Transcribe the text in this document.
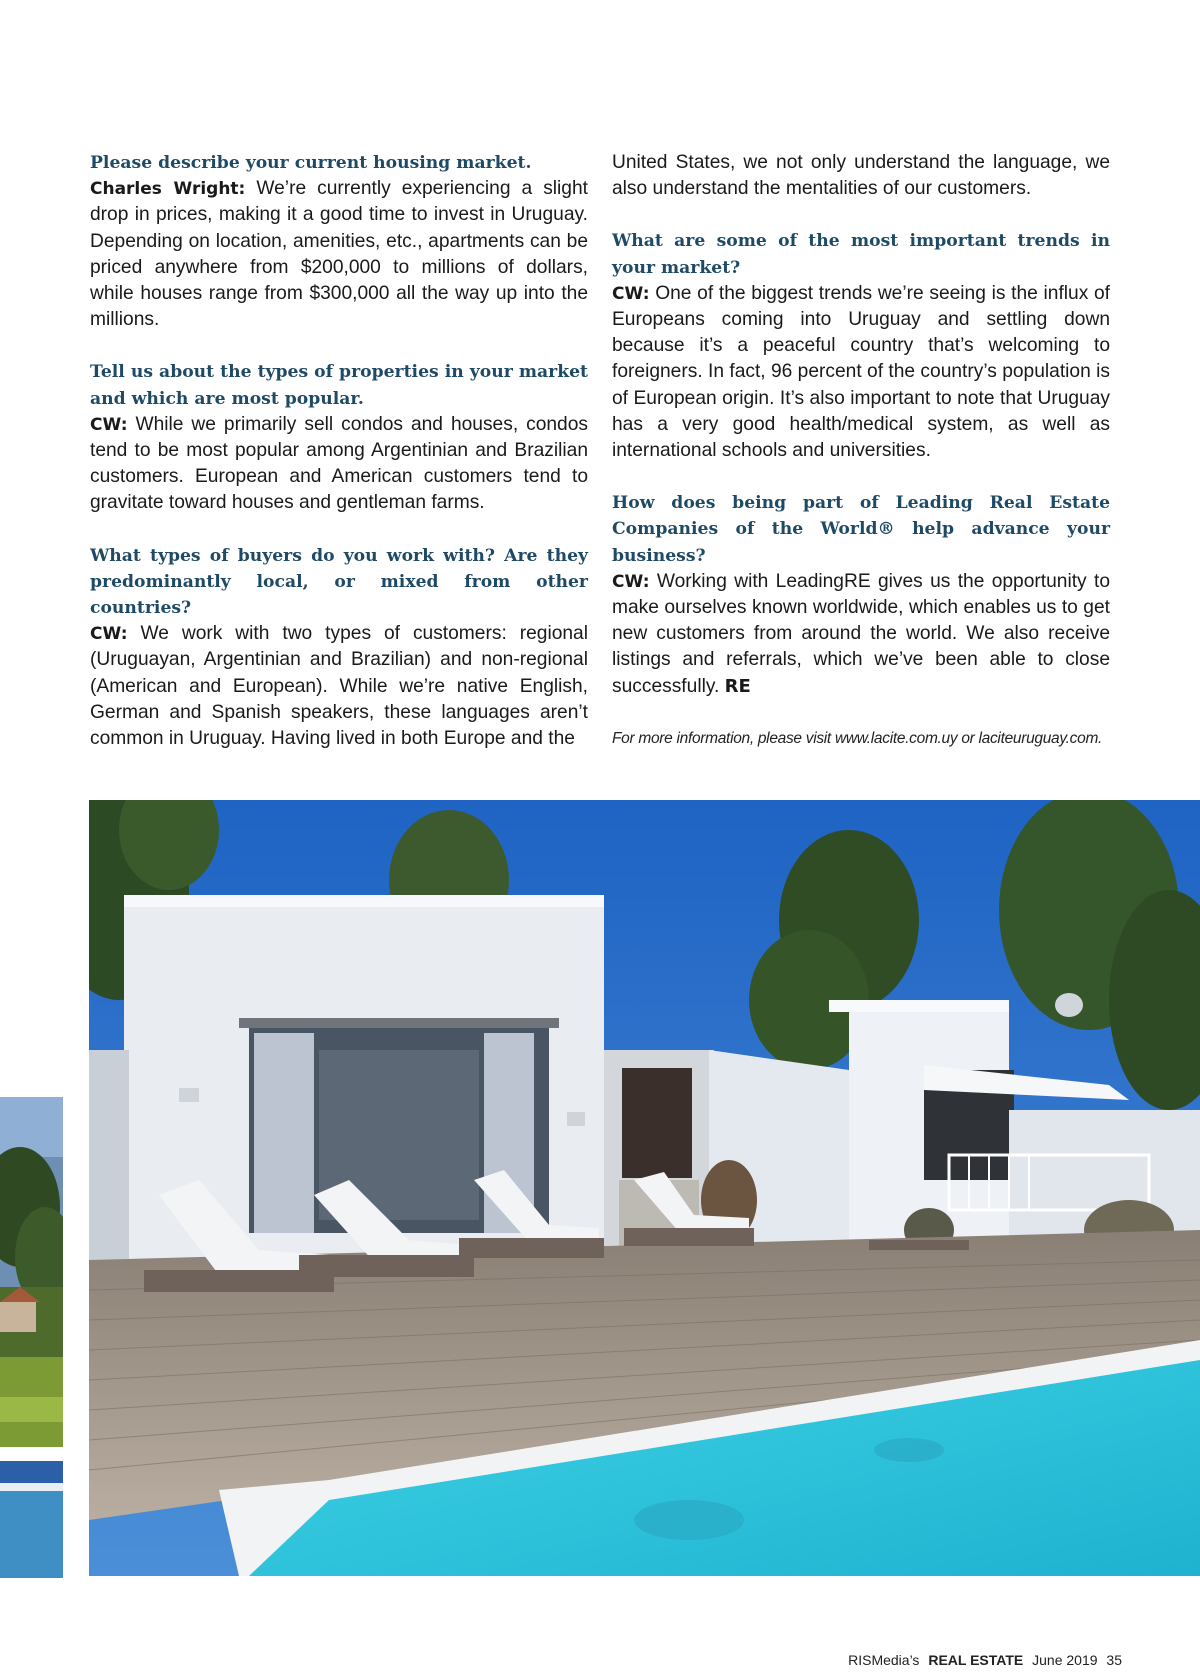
Please describe your current housing market.

Charles Wright: We’re currently experiencing a slight drop in prices, making it a good time to invest in Uruguay. Depending on location, amenities, etc., apartments can be priced anywhere from $200,000 to millions of dollars, while houses range from $300,000 all the way up into the millions.

Tell us about the types of properties in your market and which are most popular.

CW: While we primarily sell condos and houses, condos tend to be most popular among Argentinian and Brazilian customers. European and American customers tend to gravitate toward houses and gentleman farms.

What types of buyers do you work with? Are they predominantly local, or mixed from other countries?

CW: We work with two types of customers: regional (Uruguayan, Argentinian and Brazilian) and non-regional (American and European). While we’re native English, German and Spanish speakers, these languages aren’t common in Uruguay. Having lived in both Europe and the

United States, we not only understand the language, we also understand the mentalities of our customers.

What are some of the most important trends in your market?

CW: One of the biggest trends we’re seeing is the influx of Europeans coming into Uruguay and settling down because it’s a peaceful country that’s welcoming to foreigners. In fact, 96 percent of the country’s population is of European origin. It’s also important to note that Uruguay has a very good health/medical system, as well as international schools and universities.

How does being part of Leading Real Estate Companies of the World® help advance your business?

CW: Working with LeadingRE gives us the opportunity to make ourselves known worldwide, which enables us to get new customers from around the world. We also receive listings and referrals, which we’ve been able to close successfully. RE

For more information, please visit www.lacite.com.uy or laciteuruguay.com.

RISMedia’s REAL ESTATE June 2019 35
